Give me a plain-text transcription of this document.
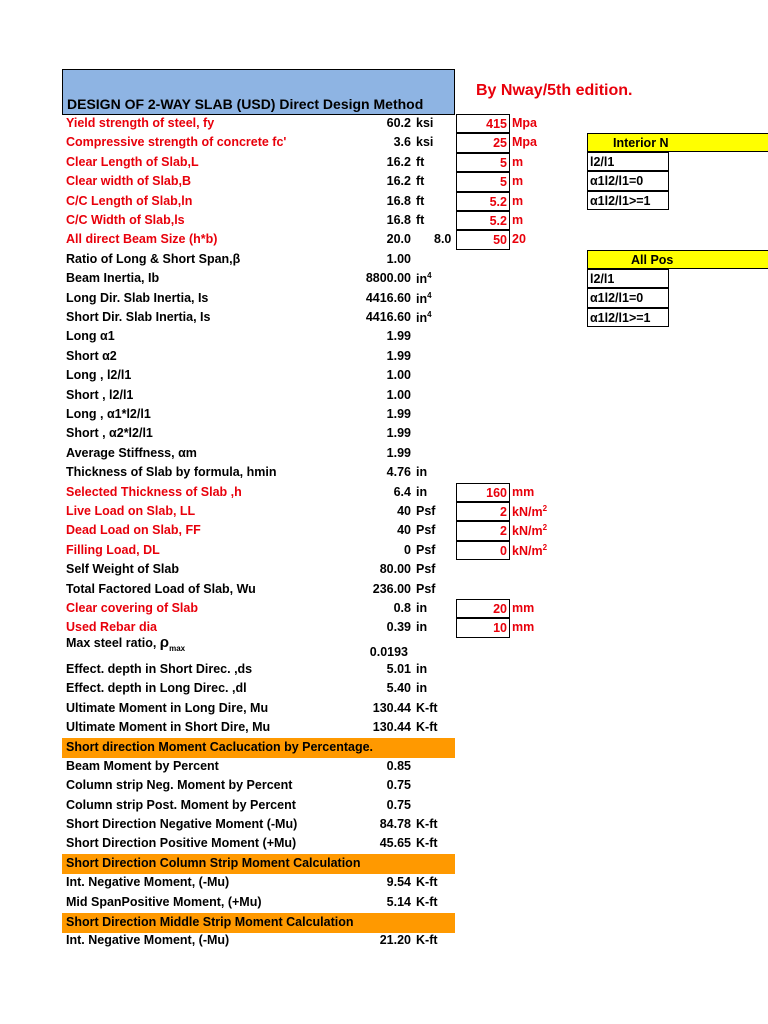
DESIGN OF 2-WAY SLAB (USD) Direct Design Method
By Nway/5th edition.
Yield strength of steel, fy	60.2 ksi	415 Mpa
Compressive strength of concrete fc'	3.6 ksi	25 Mpa
Clear Length of Slab,L	16.2 ft	5 m
Clear width of Slab,B	16.2 ft	5 m
C/C Length of Slab,ln	16.8 ft	5.2 m
C/C Width of Slab,ls	16.8 ft	5.2 m
All direct Beam Size (h*b)	20.0 8.0	50 20
Ratio of Long & Short Span,β	1.00
Beam Inertia, Ib	8800.00 $in^4$
Long Dir. Slab Inertia, Is	4416.60 $in^4$
Short Dir. Slab Inertia, Is	4416.60 $in^4$
Long α1	1.99
Short α2	1.99
Long , l2/l1	1.00
Short , l2/l1	1.00
Long , α1*l2/l1	1.99
Short , α2*l2/l1	1.99
Average Stiffness, αm	1.99
Thickness of Slab by formula, hmin	4.76 in
Selected Thickness of Slab ,h	6.4 in	160 mm
Live Load on Slab, LL	40 Psf	2 $kN/m^2$
Dead Load on Slab, FF	40 Psf	2 $kN/m^2$
Filling Load, DL	0 Psf	0 $kN/m^2$
Self Weight of Slab	80.00 Psf
Total Factored Load of Slab, Wu	236.00 Psf
Clear covering of Slab	0.8 in	20 mm
Used Rebar dia	0.39 in	10 mm
Max steel ratio, $\rho_{max}$	0.0193
Effect. depth in Short Direc. ,ds	5.01 in
Effect. depth in Long Direc. ,dl	5.40 in
Ultimate Moment in Long Dire, Mu	130.44 K-ft
Ultimate Moment in Short Dire, Mu	130.44 K-ft
Short direction Moment Caclucation by Percentage.
Beam Moment by Percent	0.85
Column strip Neg. Moment by Percent	0.75
Column strip Post. Moment by Percent	0.75
Short Direction Negative Moment (-Mu)	84.78 K-ft
Short Direction Positive Moment (+Mu)	45.65 K-ft
Short Direction Column Strip Moment Calculation
Int. Negative Moment, (-Mu)	9.54 K-ft
Mid SpanPositive Moment, (+Mu)	5.14 K-ft
Short Direction Middle Strip Moment Calculation
Int. Negative Moment, (-Mu)	21.20 K-ft
Interior N
l2/l1
α1l2/l1=0
α1l2/l1>=1
All Pos
l2/l1
α1l2/l1=0
α1l2/l1>=1
